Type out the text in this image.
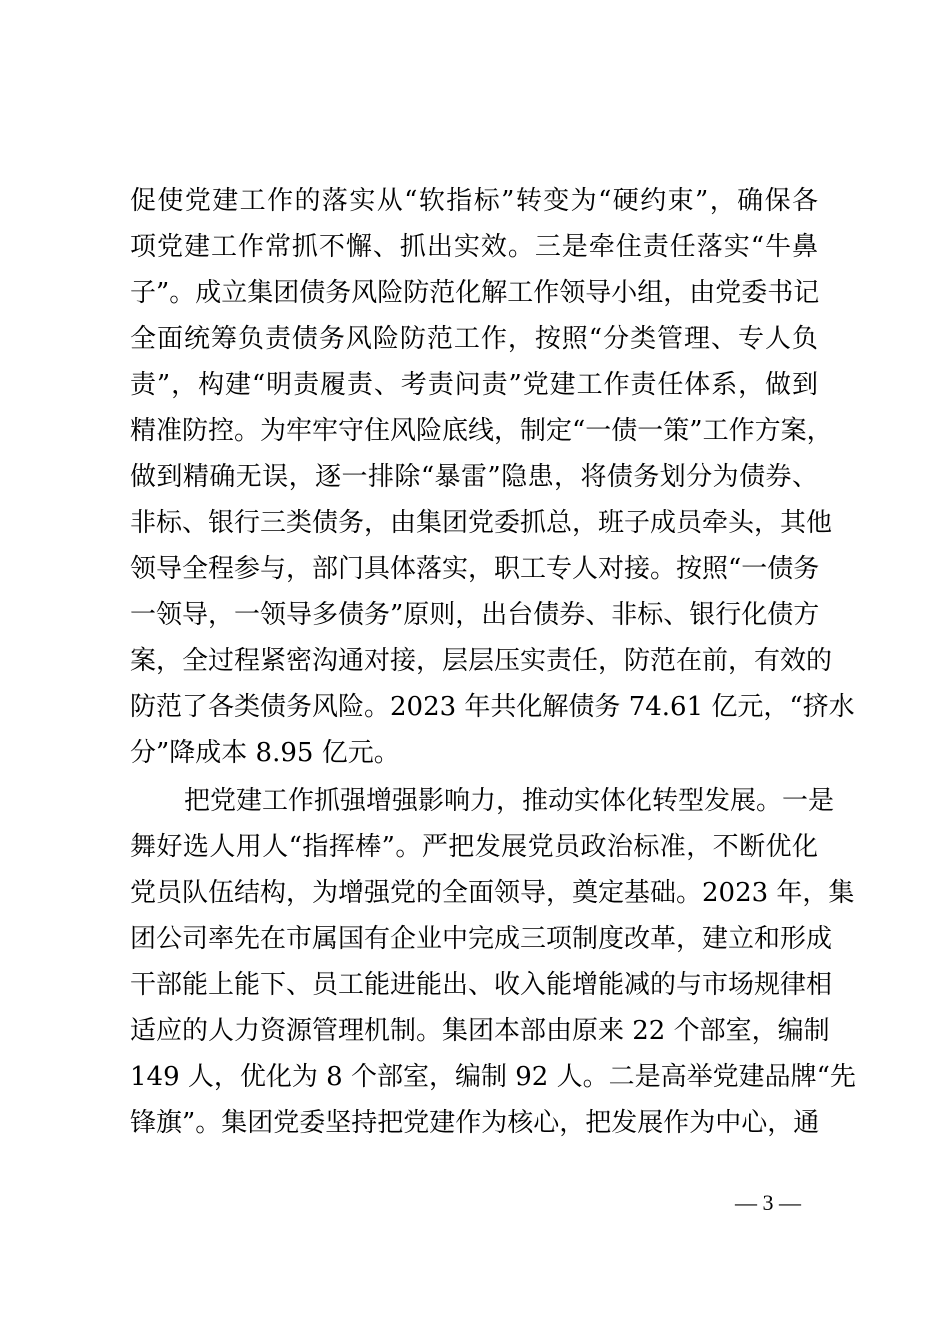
促使党建工作的落实从“软指标”转变为“硬约束”，确保各
项党建工作常抓不懈、抓出实效。三是牵住责任落实“牛鼻
子”。成立集团债务风险防范化解工作领导小组，由党委书记
全面统筹负责债务风险防范工作，按照“分类管理、专人负
责”，构建“明责履责、考责问责”党建工作责任体系，做到
精准防控。为牢牢守住风险底线，制定“一债一策”工作方案，
做到精确无误，逐一排除“暴雷”隐患，将债务划分为债券、
非标、银行三类债务，由集团党委抓总，班子成员牵头，其他
领导全程参与，部门具体落实，职工专人对接。按照“一债务
一领导，一领导多债务”原则，出台债券、非标、银行化债方
案，全过程紧密沟通对接，层层压实责任，防范在前，有效的
防范了各类债务风险。2023 年共化解债务 74.61 亿元，“挤水
分”降成本 8.95 亿元。
把党建工作抓强增强影响力，推动实体化转型发展。一是
舞好选人用人“指挥棒”。严把发展党员政治标准，不断优化
党员队伍结构，为增强党的全面领导，奠定基础。2023 年，集
团公司率先在市属国有企业中完成三项制度改革，建立和形成
干部能上能下、员工能进能出、收入能增能减的与市场规律相
适应的人力资源管理机制。集团本部由原来 22 个部室，编制
149 人，优化为 8 个部室，编制 92 人。二是高举党建品牌“先
锋旗”。集团党委坚持把党建作为核心，把发展作为中心，通
— 3 —
